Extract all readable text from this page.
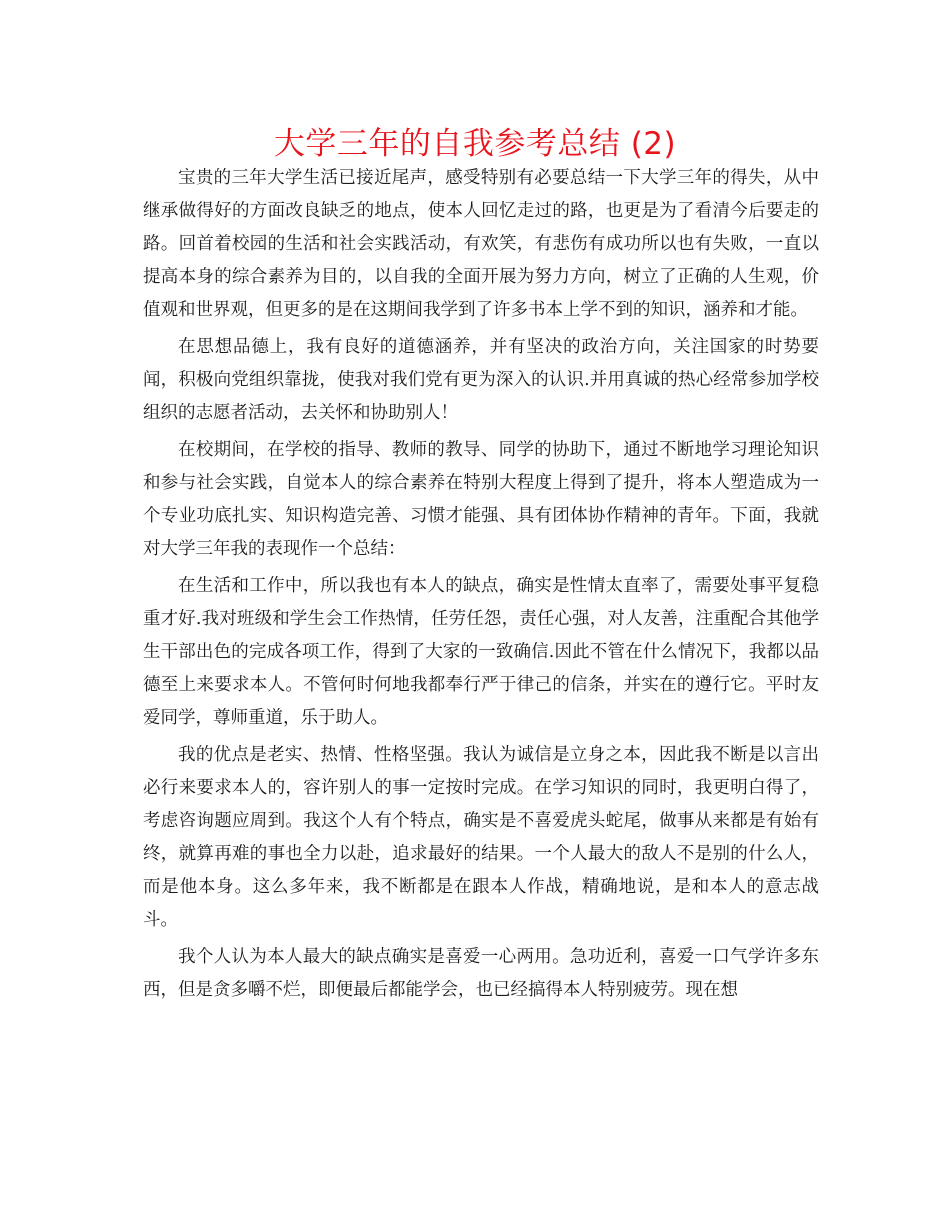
大学三年的自我参考总结 (2)

宝贵的三年大学生活已接近尾声，感受特别有必要总结一下大学三年的得失，从中继承做得好的方面改良缺乏的地点，使本人回忆走过的路，也更是为了看清今后要走的路。回首着校园的生活和社会实践活动，有欢笑，有悲伤有成功所以也有失败，一直以提高本身的综合素养为目的，以自我的全面开展为努力方向，树立了正确的人生观，价值观和世界观，但更多的是在这期间我学到了许多书本上学不到的知识，涵养和才能。

在思想品德上，我有良好的道德涵养，并有坚决的政治方向，关注国家的时势要闻，积极向党组织靠拢，使我对我们党有更为深入的认识.并用真诚的热心经常参加学校组织的志愿者活动，去关怀和协助别人！

在校期间，在学校的指导、教师的教导、同学的协助下，通过不断地学习理论知识和参与社会实践，自觉本人的综合素养在特别大程度上得到了提升，将本人塑造成为一个专业功底扎实、知识构造完善、习惯才能强、具有团体协作精神的青年。下面，我就对大学三年我的表现作一个总结：

在生活和工作中，所以我也有本人的缺点，确实是性情太直率了，需要处事平复稳重才好.我对班级和学生会工作热情，任劳任怨，责任心强，对人友善，注重配合其他学生干部出色的完成各项工作，得到了大家的一致确信.因此不管在什么情况下，我都以品德至上来要求本人。不管何时何地我都奉行严于律己的信条，并实在的遵行它。平时友爱同学，尊师重道，乐于助人。

我的优点是老实、热情、性格坚强。我认为诚信是立身之本，因此我不断是以言出必行来要求本人的，容许别人的事一定按时完成。在学习知识的同时，我更明白得了，考虑咨询题应周到。我这个人有个特点，确实是不喜爱虎头蛇尾，做事从来都是有始有终，就算再难的事也全力以赴，追求最好的结果。一个人最大的敌人不是别的什么人，而是他本身。这么多年来，我不断都是在跟本人作战，精确地说，是和本人的意志战斗。

我个人认为本人最大的缺点确实是喜爱一心两用。急功近利，喜爱一口气学许多东西，但是贪多嚼不烂，即便最后都能学会，也已经搞得本人特别疲劳。现在想
